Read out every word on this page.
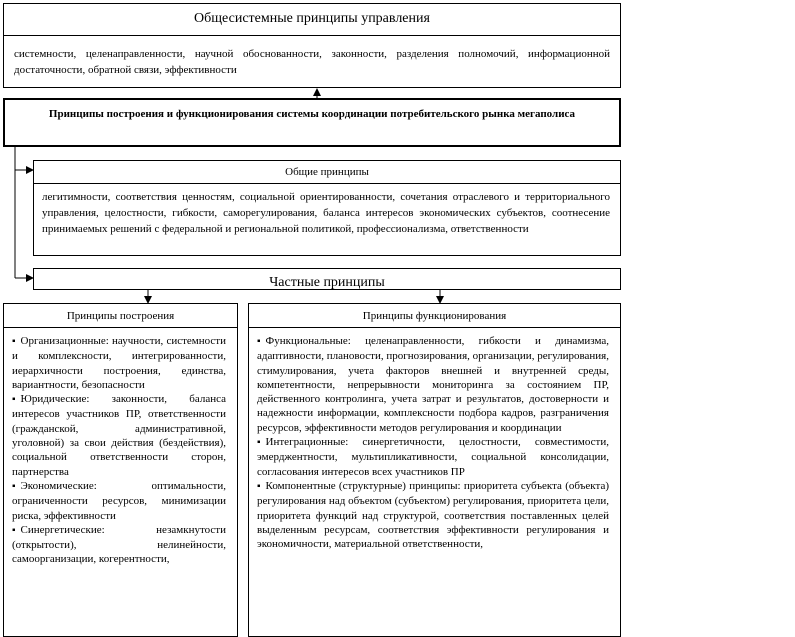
Общесистемные принципы управления
системности, целенаправленности, научной обоснованности, законности, разделения полномочий, информационной достаточности, обратной связи, эффективности
Принципы построения и функционирования системы координации потребительского рынка мегаполиса
Общие принципы
легитимности, соответствия ценностям, социальной ориентированности, сочетания отраслевого и территориального управления, целостности, гибкости, саморегулирования, баланса интересов экономических субъектов, соотнесение принимаемых решений с федеральной и региональной политикой, профессионализма, ответственности
Частные принципы
Принципы построения
▪ Организационные: научности, системности и комплексности, интегрированности, иерархичности построения, единства, вариантности, безопасности
▪ Юридические: законности, баланса интересов участников ПР, ответственности (гражданской, административной, уголовной) за свои действия (бездействия), социальной ответственности сторон, партнерства
▪ Экономические: оптимальности, ограниченности ресурсов, минимизации риска, эффективности
▪ Синергетические: незамкнутости (открытости), нелинейности, самоорганизации, когерентности,
Принципы функционирования
▪ Функциональные: целенаправленности, гибкости и динамизма, адаптивности, плановости, прогнозирования, организации, регулирования, стимулирования, учета факторов внешней и внутренней среды, компетентности, непрерывности мониторинга за состоянием ПР, действенного контролинга, учета затрат и результатов, достоверности и надежности информации, комплексности подбора кадров, разграничения ресурсов, эффективности методов регулирования и координации
▪ Интеграционные: синергетичности, целостности, совместимости, эмерджентности, мультипликативности, социальной консолидации, согласования интересов всех участников ПР
▪ Компонентные (структурные) принципы: приоритета субъекта (объекта) регулирования над объектом (субъектом) регулирования, приоритета цели, приоритета функций над структурой, соответствия поставленных целей выделенным ресурсам, соответствия эффективности регулирования и экономичности, материальной ответственности,
